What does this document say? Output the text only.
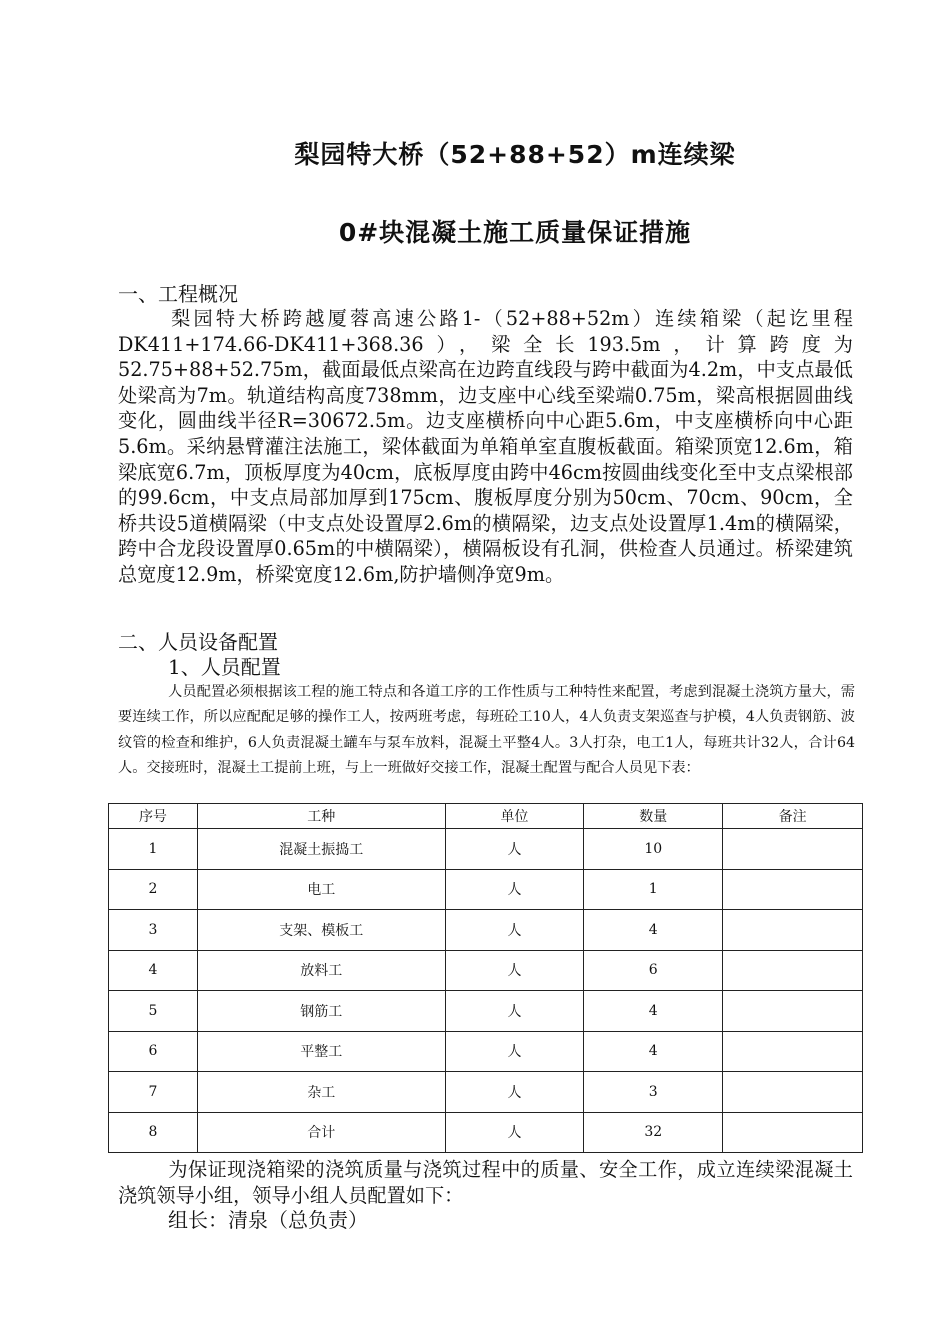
梨园特大桥（52+88+52）m连续梁
0#块混凝土施工质量保证措施
一、工程概况

梨园特大桥跨越厦蓉高速公路1-（52+88+52m）连续箱梁（起讫里程 DK411+174.66-DK411+368.36），梁全长193.5m，计算跨度为52.75+88+52.75m，截面最低点梁高在边跨直线段与跨中截面为4.2m，中支点最低处梁高为7m。轨道结构高度738mm，边支座中心线至梁端0.75m，梁高根据圆曲线变化，圆曲线半径R=30672.5m。边支座横桥向中心距5.6m，中支座横桥向中心距5.6m。采纳悬臂灌注法施工，梁体截面为单箱单室直腹板截面。箱梁顶宽12.6m，箱梁底宽6.7m，顶板厚度为40cm，底板厚度由跨中46cm按圆曲线变化至中支点梁根部的99.6cm，中支点局部加厚到175cm、腹板厚度分别为50cm、70cm、90cm，全桥共设5道横隔梁（中支点处设置厚2.6m的横隔梁，边支点处设置厚1.4m的横隔梁，跨中合龙段设置厚0.65m的中横隔梁），横隔板设有孔洞，供检查人员通过。桥梁建筑总宽度12.9m，桥梁宽度12.6m,防护墙侧净宽9m。

二、人员设备配置
1、人员配置

人员配置必须根据该工程的施工特点和各道工序的工作性质与工种特性来配置，考虑到混凝土浇筑方量大，需要连续工作，所以应配配足够的操作工人，按两班考虑，每班砼工10人，4人负责支架巡查与护模，4人负责钢筋、波纹管的检查和维护，6人负责混凝土罐车与泵车放料，混凝土平整4人。3人打杂，电工1人，每班共计32人，合计64人。交接班时，混凝土工提前上班，与上一班做好交接工作，混凝土配置与配合人员见下表：

序号	工种	单位	数量	备注
1	混凝土振捣工	人	10	
2	电工	人	1	
3	支架、模板工	人	4	
4	放料工	人	6	
5	钢筋工	人	4	
6	平整工	人	4	
7	杂工	人	3	
8	合计	人	32	

为保证现浇箱梁的浇筑质量与浇筑过程中的质量、安全工作，成立连续梁混凝土浇筑领导小组，领导小组人员配置如下：

组长：清泉（总负责）
